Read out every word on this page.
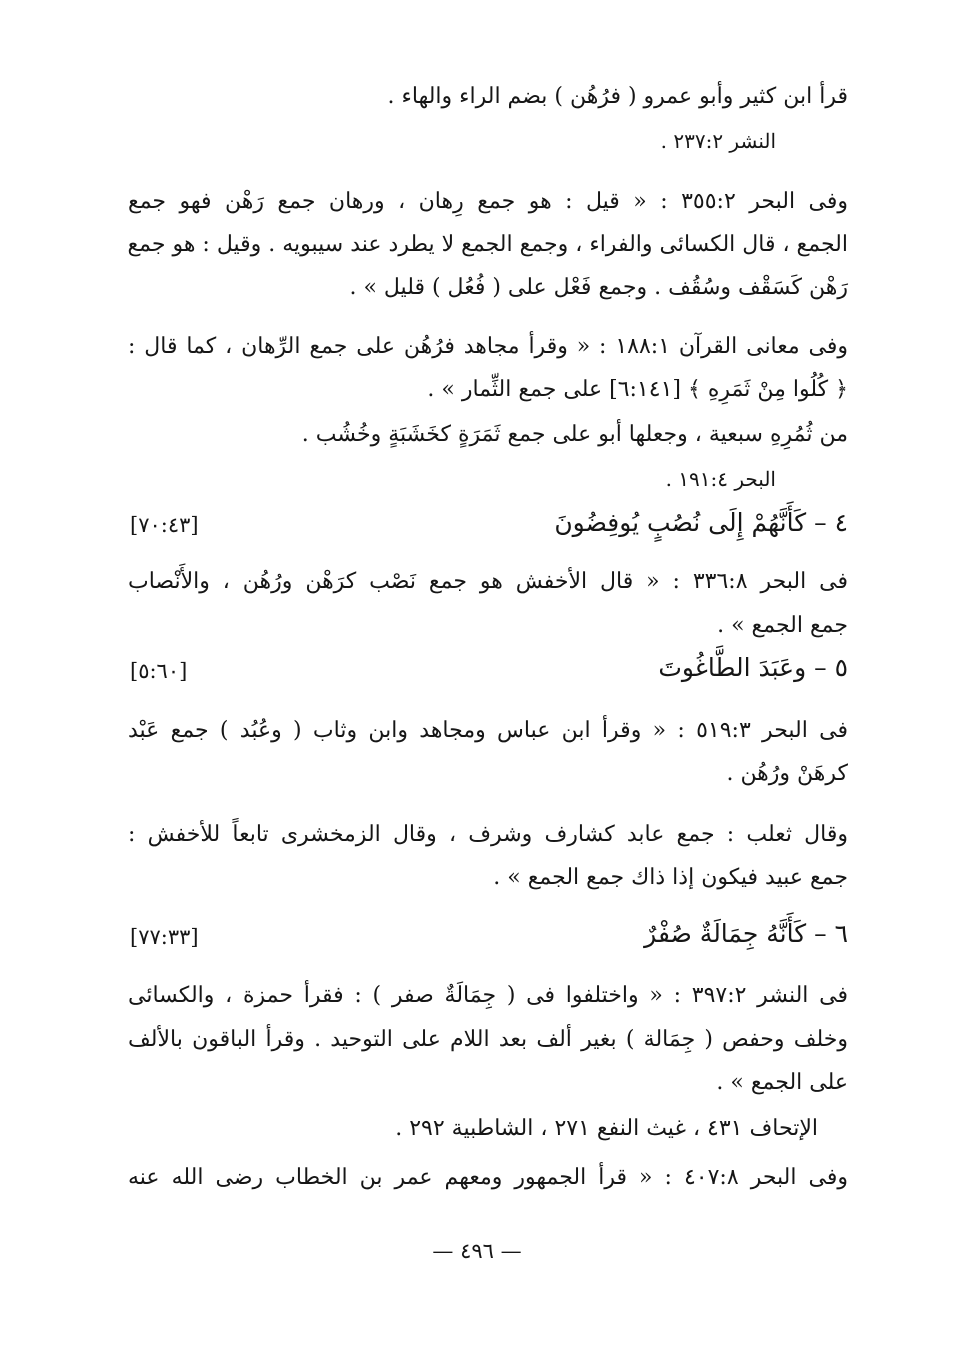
قرأ ابن كثير وأبو عمرو ( فرُهُن ) بضم الراء والهاء .
النشر ٢٣٧:٢ .
وفى البحر ٣٥٥:٢ : « قيل : هو جمع رِهان ، ورهان جمع رَهْن فهو جمع
الجمع ، قال الكسائى والفراء ، وجمع الجمع لا يطرد عند سيبويه . وقيل : هو جمع
رَهْن كَسَقْف وسُقُف . وجمع فَعْل على ( فُعُل ) قليل » .
وفى معانى القرآن ١٨٨:١ : « وقرأ مجاهد فرُهُن على جمع الرِّهان ، كما قال :
﴿ كُلُوا مِنْ ثَمَرِهِ ﴾ [٦:١٤١] على جمع الثِّمار » .
من ثُمُرِهِ سبعية ، وجعلها أبو على جمع ثَمَرَةٍ كخَشَبَةٍ وخُشُب .
البحر ١٩١:٤ .
٤ – كَأَنَّهُمْ إِلَى نُصُبٍ يُوفِضُونَ
[٧٠:٤٣]
فى البحر ٣٣٦:٨ : « قال الأخفش هو جمع نَصْب كرَهْن ورُهُن ، والأَنْصاب
جمع الجمع » .
٥ – وعَبَدَ الطَّاغُوتَ
[٥:٦٠]
فى البحر ٥١٩:٣ : « وقرأ ابن عباس ومجاهد وابن وثاب ( وعُبُد ) جمع عَبْد
كرهَنْ ورُهُن .
وقال ثعلب : جمع عابد كشارف وشرف ، وقال الزمخشرى تابعاً للأخفش :
جمع عبيد فيكون إذا ذاك جمع الجمع » .
٦ – كَأَنَّهُ جِمَالَةٌ صُفْرٌ
[٧٧:٣٣]
فى النشر ٣٩٧:٢ : « واختلفوا فى ( جِمَالَةٌ صفر ) : فقرأ حمزة ، والكسائى
وخلف وحفص ( جِمَالة ) بغير ألف بعد اللام على التوحيد . وقرأ الباقون بالألف
على الجمع » .
الإتحاف ٤٣١ ، غيث النفع ٢٧١ ، الشاطبية ٢٩٢ .
وفى البحر ٤٠٧:٨ : « قرأ الجمهور ومعهم عمر بن الخطاب رضى الله عنه
— ٤٩٦ —
